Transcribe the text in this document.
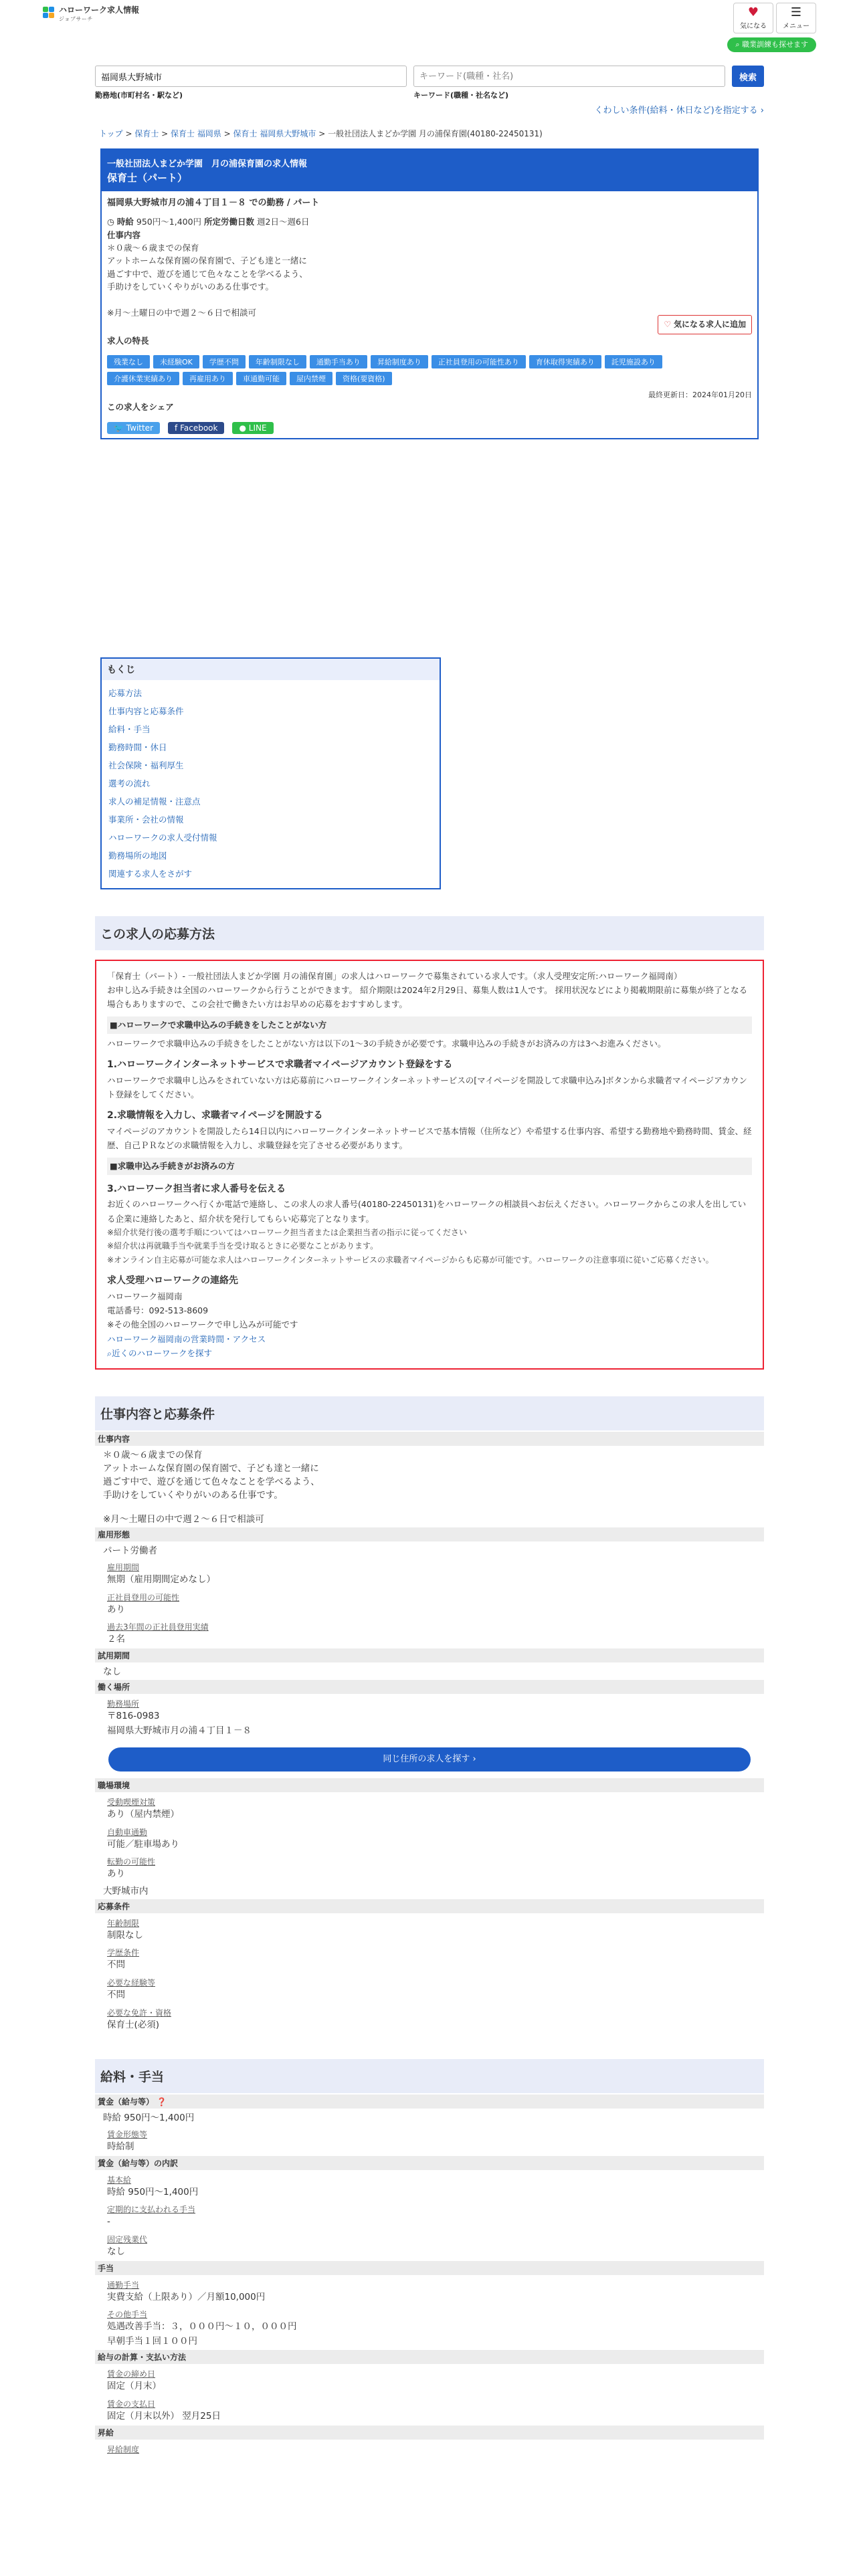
ハローワーク求人情報
ジョブサーチ	♥
気になる
☰
メニュー
⌕ 職業訓練も探せます
福岡県大野城市
勤務地(市町村名・駅など)
キーワード(職種・社名)	キーワード(職種・社名など)
検索
くわしい条件(給料・休日など)を指定する ›
トップ > 保育士 > 保育士 福岡県 > 保育士 福岡県大野城市 > 一般社団法人まどか学園 月の浦保育園(40180-22450131)
一般社団法人まどか学園　月の浦保育園の求人情報
保育士（パート）
福岡県大野城市月の浦４丁目１－８ での勤務 / パート
◷ 時給 950円〜1,400円 所定労働日数 週2日〜週6日
仕事内容
＊０歳～６歳までの保育
アットホームな保育園の保育園で、子ども達と一緒に
過ごす中で、遊びを通じて色々なことを学べるよう、
手助けをしていくやりがいのある仕事です。

※月～土曜日の中で週２～６日で相談可
♡ 気になる求人に追加
求人の特長
残業なし	未経験OK	学歴不問	年齢制限なし	通勤手当あり	昇給制度あり	正社員登用の可能性あり	育休取得実績あり	託児施設あり
介護休業実績あり	再雇用あり	車通勤可能	屋内禁煙	资格(要資格)
最終更新日：2024年01月20日
この求人をシェア
🐦 Twitter	f Facebook	● LINE
もくじ
応募方法
仕事内容と応募条件
給料・手当
勤務時間・休日
社会保険・福利厚生
選考の流れ
求人の補足情報・注意点
事業所・会社の情報
ハローワークの求人受付情報
勤務場所の地図
関連する求人をさがす
この求人の応募方法
「保育士（パート）- 一般社団法人まどか学園 月の浦保育園」の求人はハローワークで募集されている求人です。（求人受理安定所:ハローワーク福岡南）
お申し込み手続きは全国のハローワークから行うことができます。 紹介期限は2024年2月29日、募集人数は1人です。 採用状況などにより掲載期限前に募集が終了となる場合もありますので、この会社で働きたい方はお早めの応募をおすすめします。
■ハローワークで求職申込みの手続きをしたことがない方
ハローワークで求職申込みの手続きをしたことがない方は以下の1〜3の手続きが必要です。求職申込みの手続きがお済みの方は3へお進みください。
1.ハローワークインターネットサービスで求職者マイページアカウント登録をする
ハローワークで求職申し込みをされていない方は応募前にハローワークインターネットサービスの[マイページを開設して求職申込み]ボタンから求職者マイページアカウント登録をしてください。
2.求職情報を入力し、求職者マイページを開設する
マイページのアカウントを開設したら14日以内にハローワークインターネットサービスで基本情報（住所など）や希望する仕事内容、希望する勤務地や勤務時間、賃金、経歴、自己ＰＲなどの求職情報を入力し、求職登録を完了させる必要があります。
■求職申込み手続きがお済みの方
3.ハローワーク担当者に求人番号を伝える
お近くのハローワークへ行くか電話で連絡し、この求人の求人番号(40180-22450131)をハローワークの相談員へお伝えください。ハローワークからこの求人を出している企業に連絡したあと、紹介状を発行してもらい応募完了となります。
※紹介状発行後の選考手順についてはハローワーク担当者または企業担当者の指示に従ってください
※紹介状は再就職手当や就業手当を受け取るときに必要なことがあります。
※オンライン自主応募が可能な求人はハローワークインターネットサービスの求職者マイページからも応募が可能です。ハローワークの注意事項に従いご応募ください。
求人受理ハローワークの連絡先
ハローワーク福岡南
電話番号：092-513-8609
※その他全国のハローワークで申し込みが可能です
ハローワーク福岡南の営業時間・アクセス
⌕近くのハローワークを探す
仕事内容と応募条件
仕事内容
＊０歳～６歳までの保育
アットホームな保育園の保育園で、子ども達と一緒に
過ごす中で、遊びを通じて色々なことを学べるよう、
手助けをしていくやりがいのある仕事です。

※月～土曜日の中で週２～６日で相談可
雇用形態
パート労働者
雇用期間
無期（雇用期間定めなし）
正社員登用の可能性
あり
過去3年間の正社員登用実績
２名
試用期間
なし
働く場所
勤務場所
〒816-0983
福岡県大野城市月の浦４丁目１－８
同じ住所の求人を探す ›
職場環境
受動喫煙対策
あり（屋内禁煙）
自動車通勤
可能／駐車場あり
転勤の可能性
あり
大野城市内
応募条件
年齢制限
制限なし
学歴条件
不問
必要な経験等
不問
必要な免許・資格
保育士(必須)
給料・手当
賃金（給与等） ❓
時給 950円〜1,400円
賃金形態等
時給制
賃金（給与等）の内訳
基本給
時給 950円〜1,400円
定期的に支払われる手当
-
固定残業代
なし
手当
通勤手当
実費支給（上限あり）／月額10,000円
その他手当
処遇改善手当：３，０００円〜１０，０００円
早朝手当１回１００円
給与の計算・支払い方法
賃金の締め日
固定（月末）
賃金の支払日
固定（月末以外） 翌月25日
昇給
昇給制度
